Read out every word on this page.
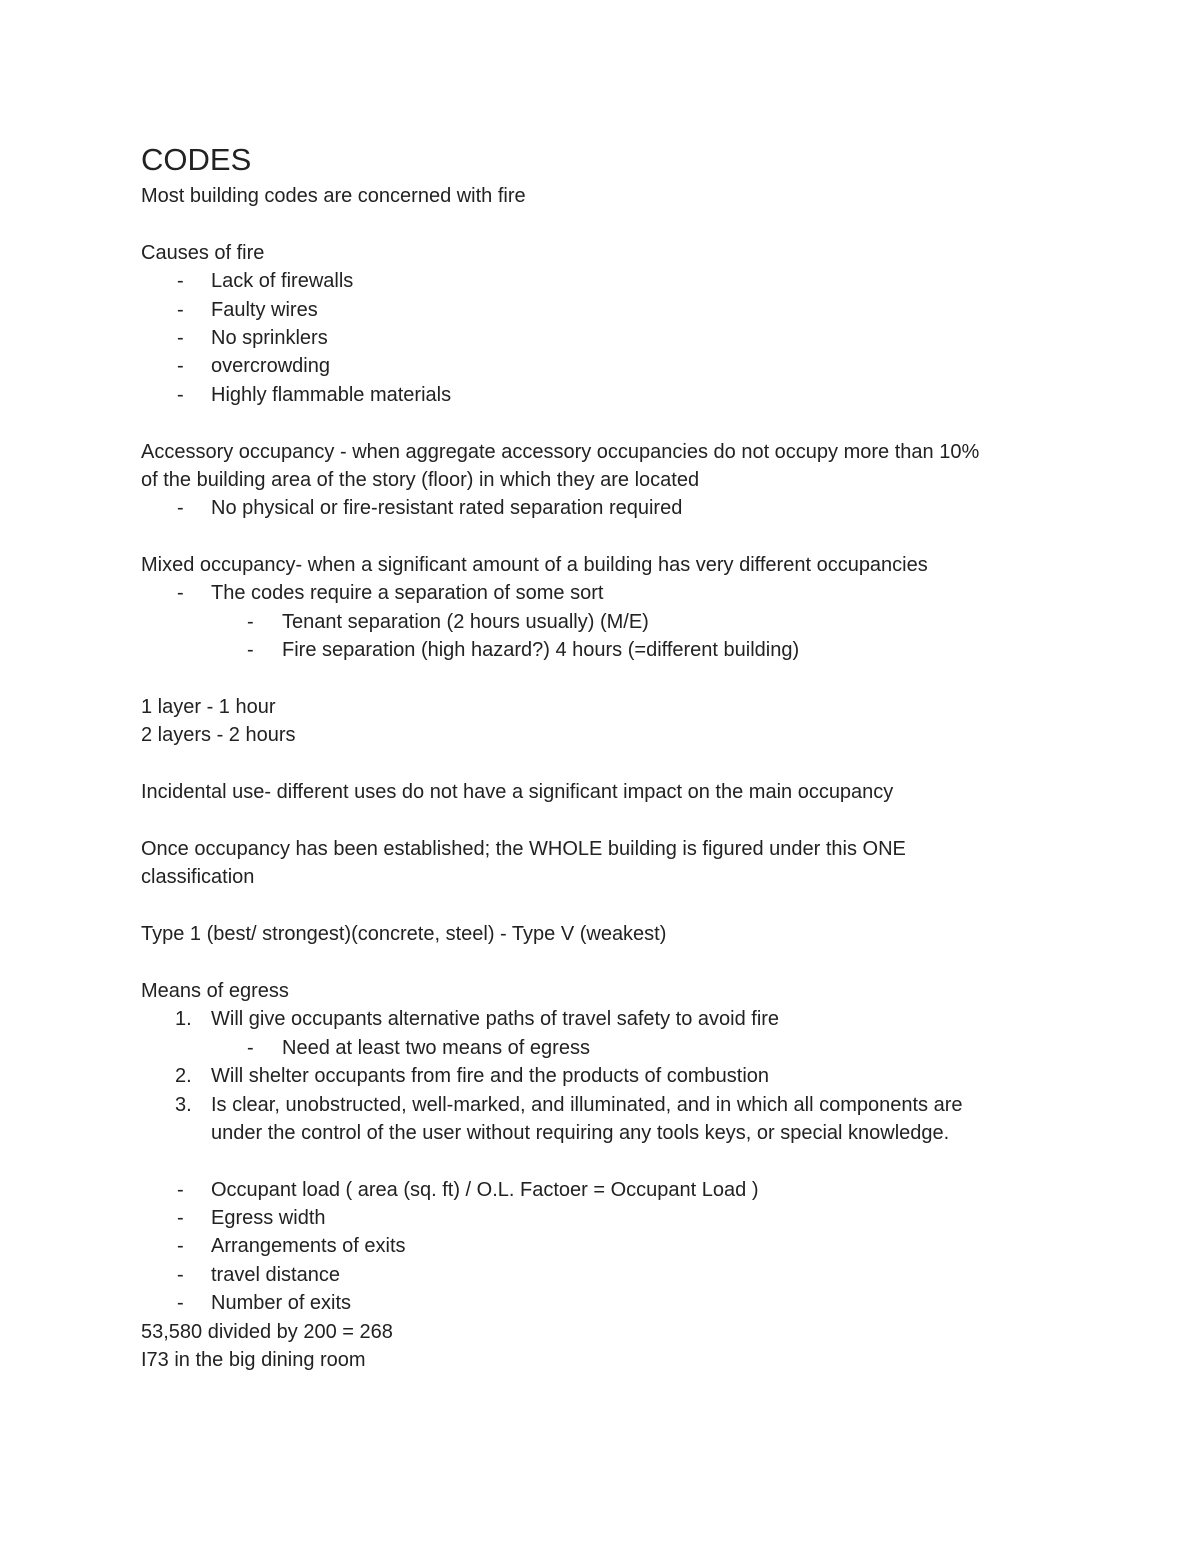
CODES
Most building codes are concerned with fire
Causes of fire
- Lack of firewalls
- Faulty wires
- No sprinklers
- overcrowding
- Highly flammable materials
Accessory occupancy - when aggregate accessory occupancies do not occupy more than 10%
of the building area of the story (floor) in which they are located
- No physical or fire-resistant rated separation required
Mixed occupancy- when a significant amount of a building has very different occupancies
- The codes require a separation of some sort
- Tenant separation (2 hours usually) (M/E)
- Fire separation (high hazard?) 4 hours (=different building)
1 layer - 1 hour
2 layers - 2 hours
Incidental use- different uses do not have a significant impact on the main occupancy
Once occupancy has been established; the WHOLE building is figured under this ONE
classification
Type 1 (best/ strongest)(concrete, steel) - Type V (weakest)
Means of egress
1. Will give occupants alternative paths of travel safety to avoid fire
- Need at least two means of egress
2. Will shelter occupants from fire and the products of combustion
3. Is clear, unobstructed, well-marked, and illuminated, and in which all components are
under the control of the user without requiring any tools keys, or special knowledge.
- Occupant load ( area (sq. ft) / O.L. Factoer = Occupant Load )
- Egress width
- Arrangements of exits
- travel distance
- Number of exits
53,580 divided by 200 = 268
I73 in the big dining room
